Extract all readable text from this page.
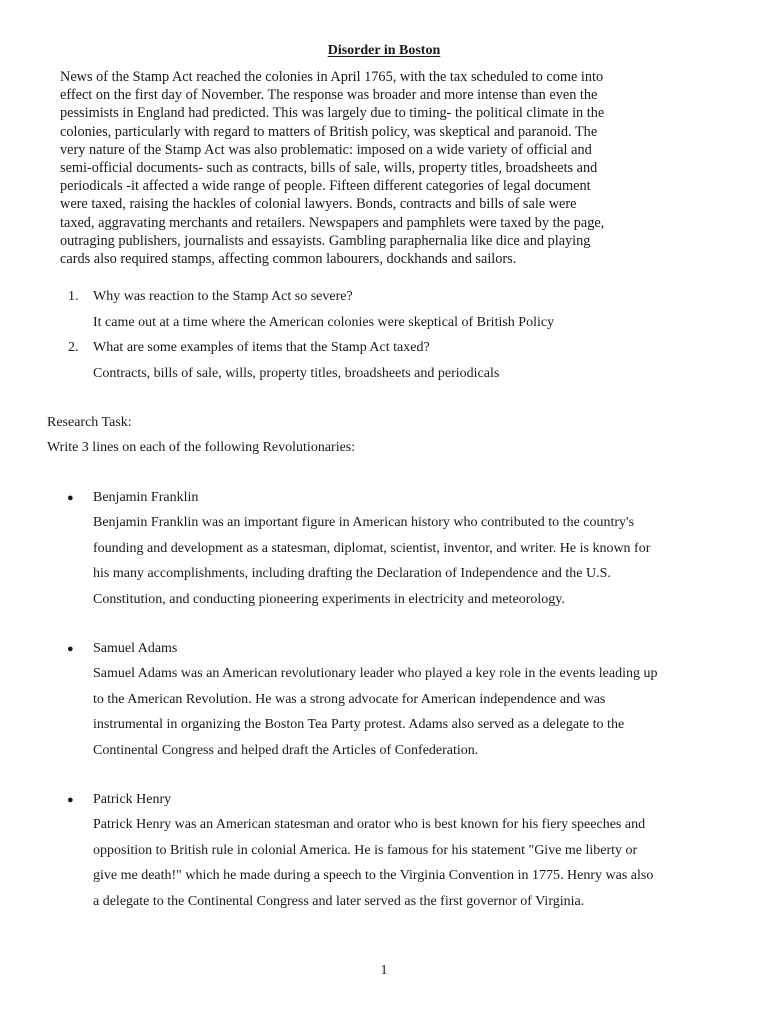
Disorder in Boston
News of the Stamp Act reached the colonies in April 1765, with the tax scheduled to come into
effect on the first day of November. The response was broader and more intense than even the
pessimists in England had predicted. This was largely due to timing- the political climate in the
colonies, particularly with regard to matters of British policy, was skeptical and paranoid. The
very nature of the Stamp Act was also problematic: imposed on a wide variety of official and
semi-official documents- such as contracts, bills of sale, wills, property titles, broadsheets and
periodicals -it affected a wide range of people. Fifteen different categories of legal document
were taxed, raising the hackles of colonial lawyers. Bonds, contracts and bills of sale were
taxed, aggravating merchants and retailers. Newspapers and pamphlets were taxed by the page,
outraging publishers, journalists and essayists. Gambling paraphernalia like dice and playing
cards also required stamps, affecting common labourers, dockhands and sailors.
1. Why was reaction to the Stamp Act so severe?
It came out at a time where the American colonies were skeptical of British Policy
2. What are some examples of items that the Stamp Act taxed?
Contracts, bills of sale, wills, property titles, broadsheets and periodicals
Research Task:
Write 3 lines on each of the following Revolutionaries:
● Benjamin Franklin
Benjamin Franklin was an important figure in American history who contributed to the country's
founding and development as a statesman, diplomat, scientist, inventor, and writer. He is known for
his many accomplishments, including drafting the Declaration of Independence and the U.S.
Constitution, and conducting pioneering experiments in electricity and meteorology.
● Samuel Adams
Samuel Adams was an American revolutionary leader who played a key role in the events leading up
to the American Revolution. He was a strong advocate for American independence and was
instrumental in organizing the Boston Tea Party protest. Adams also served as a delegate to the
Continental Congress and helped draft the Articles of Confederation.
● Patrick Henry
Patrick Henry was an American statesman and orator who is best known for his fiery speeches and
opposition to British rule in colonial America. He is famous for his statement "Give me liberty or
give me death!" which he made during a speech to the Virginia Convention in 1775. Henry was also
a delegate to the Continental Congress and later served as the first governor of Virginia.
1
